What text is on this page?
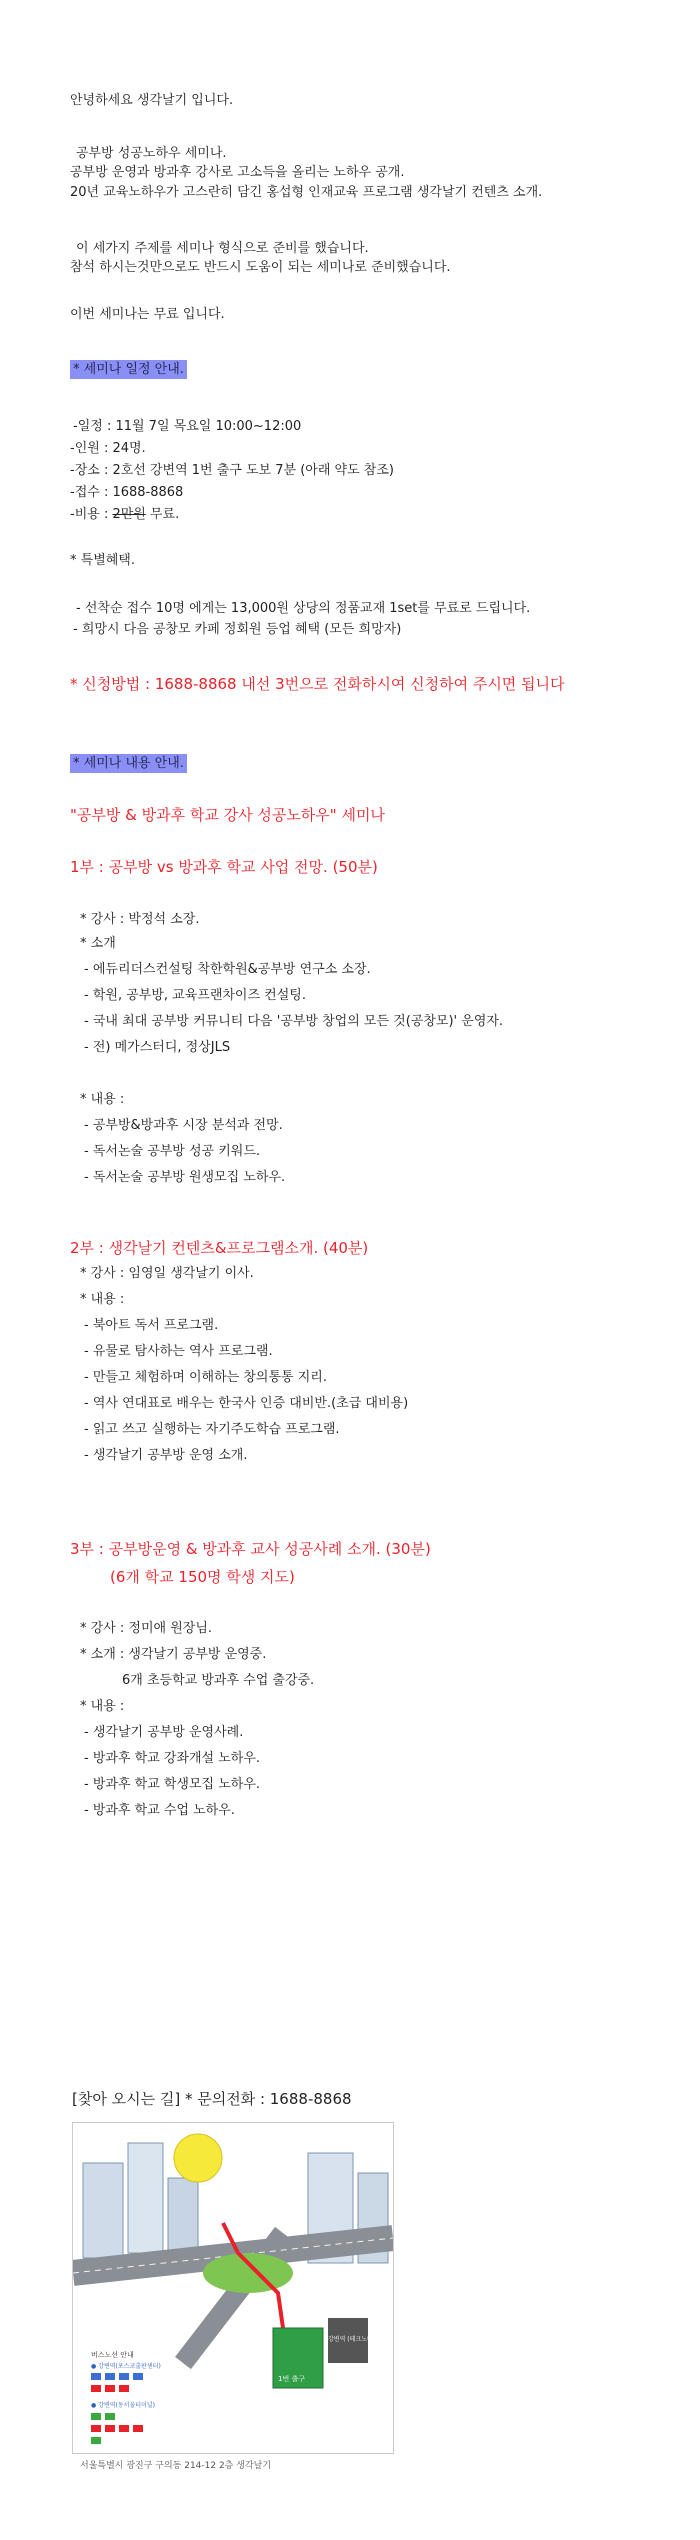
안녕하세요 생각날기 입니다.
공부방 성공노하우 세미나.
공부방 운영과 방과후 강사로 고소득을 올리는 노하우 공개.
20년 교육노하우가 고스란히 담긴 홍섭형 인재교육 프로그램 생각날기 컨텐츠 소개.
이 세가지 주제를 세미나 형식으로 준비를 했습니다.
참석 하시는것만으로도 반드시 도움이 되는 세미나로 준비했습니다.
이번 세미나는 무료 입니다.
* 세미나 일정 안내.
-일정 : 11월 7일 목요일 10:00~12:00
-인원 : 24명.
-장소 : 2호선 강변역 1번 출구 도보 7분 (아래 약도 참조)
-접수 : 1688-8868
-비용 : 2만원 무료.
* 특별혜택.
- 선착순 접수 10명 에게는 13,000원 상당의 정품교재 1set를 무료로 드립니다.
- 희망시 다음 공창모 카페 정회원 등업 혜택 (모든 희망자)
* 신청방법 : 1688-8868 내선 3번으로 전화하시여 신청하여 주시면 됩니다
* 세미나 내용 안내.
"공부방 & 방과후 학교 강사 성공노하우" 세미나
1부 : 공부방 vs 방과후 학교 사업 전망. (50분)
* 강사 : 박정석 소장.
* 소개
- 에듀리더스컨설팅 착한학원&공부방 연구소 소장.
- 학원, 공부방, 교육프랜차이즈 컨설팅.
- 국내 최대 공부방 커뮤니티 다음 '공부방 창업의 모든 것(공창모)' 운영자.
- 전) 메가스터디, 정상JLS
* 내용 :
- 공부방&방과후 시장 분석과 전망.
- 독서논술 공부방 성공 키워드.
- 독서논술 공부방 원생모집 노하우.
2부 : 생각날기 컨텐츠&프로그램소개. (40분)
* 강사 : 임영일 생각날기 이사.
* 내용 :
- 북아트 독서 프로그램.
- 유물로 탐사하는 역사 프로그램.
- 만들고 체험하며 이해하는 창의통통 지리.
- 역사 연대표로 배우는 한국사 인증 대비반.(초급 대비용)
- 읽고 쓰고 실행하는 자기주도학습 프로그램.
- 생각날기 공부방 운영 소개.
3부 : 공부방운영 & 방과후 교사 성공사례 소개. (30분)
(6개 학교 150명 학생 지도)
* 강사 : 정미애 원장님.
* 소개 : 생각날기 공부방 운영중.
6개 초등학교 방과후 수업 출강중.
* 내용 :
- 생각날기 공부방 운영사례.
- 방과후 학교 강좌개설 노하우.
- 방과후 학교 학생모집 노하우.
- 방과후 학교 수업 노하우.
[찾아 오시는 길] * 문의전화 : 1688-8868
버스노선 안내
● 강변역(포스코출판센터)
● 강변역(동서울터미널)
1번 출구
강변역 (테크노마트)
서울특별시 광진구 구의동 214-12 2층 생각날기
